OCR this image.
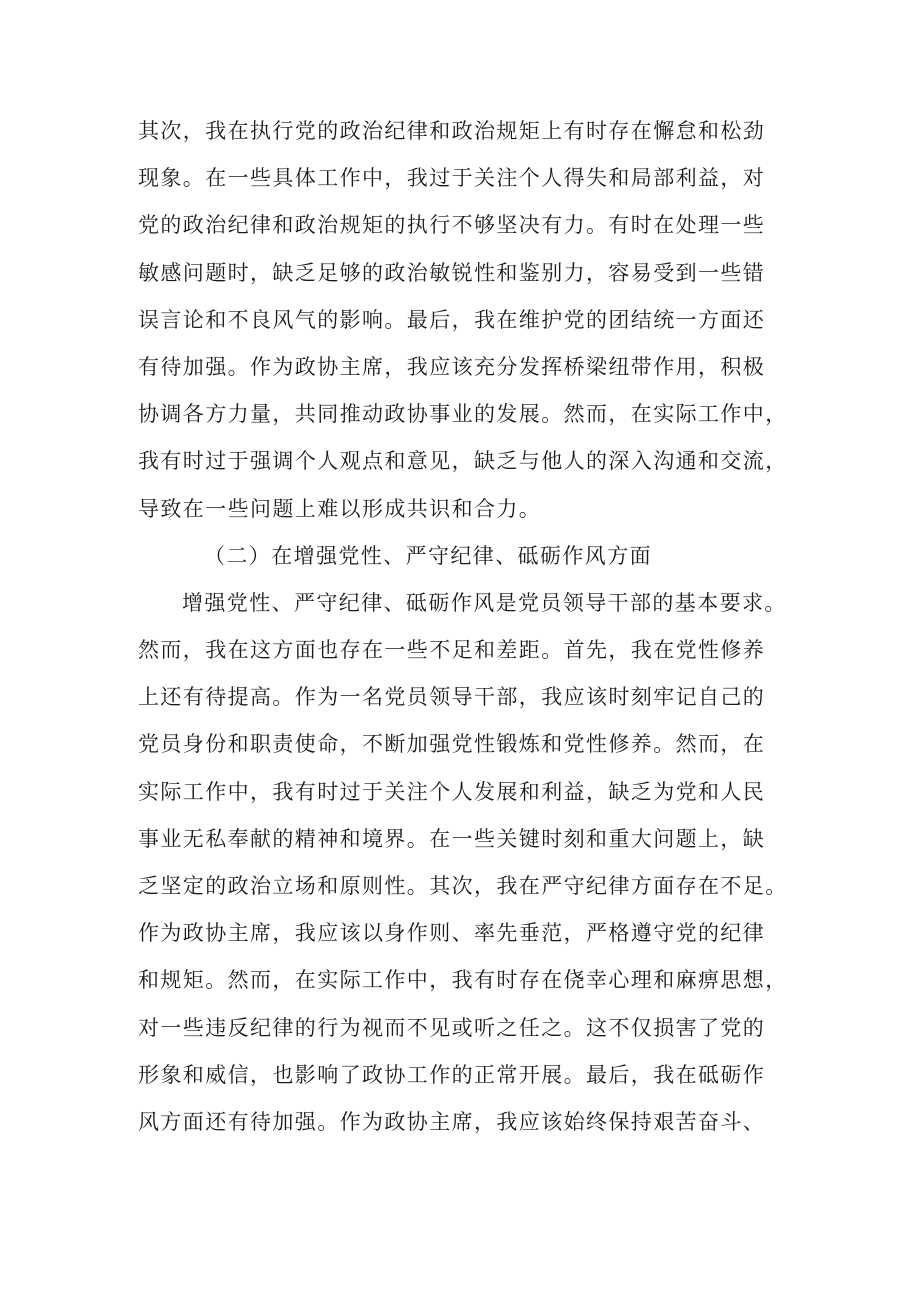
其次，我在执行党的政治纪律和政治规矩上有时存在懈怠和松劲
现象。在一些具体工作中，我过于关注个人得失和局部利益，对
党的政治纪律和政治规矩的执行不够坚决有力。有时在处理一些
敏感问题时，缺乏足够的政治敏锐性和鉴别力，容易受到一些错
误言论和不良风气的影响。最后，我在维护党的团结统一方面还
有待加强。作为政协主席，我应该充分发挥桥梁纽带作用，积极
协调各方力量，共同推动政协事业的发展。然而，在实际工作中，
我有时过于强调个人观点和意见，缺乏与他人的深入沟通和交流，
导致在一些问题上难以形成共识和合力。
（二）在增强党性、严守纪律、砥砺作风方面
增强党性、严守纪律、砥砺作风是党员领导干部的基本要求。
然而，我在这方面也存在一些不足和差距。首先，我在党性修养
上还有待提高。作为一名党员领导干部，我应该时刻牢记自己的
党员身份和职责使命，不断加强党性锻炼和党性修养。然而，在
实际工作中，我有时过于关注个人发展和利益，缺乏为党和人民
事业无私奉献的精神和境界。在一些关键时刻和重大问题上，缺
乏坚定的政治立场和原则性。其次，我在严守纪律方面存在不足。
作为政协主席，我应该以身作则、率先垂范，严格遵守党的纪律
和规矩。然而，在实际工作中，我有时存在侥幸心理和麻痹思想，
对一些违反纪律的行为视而不见或听之任之。这不仅损害了党的
形象和威信，也影响了政协工作的正常开展。最后，我在砥砺作
风方面还有待加强。作为政协主席，我应该始终保持艰苦奋斗、
